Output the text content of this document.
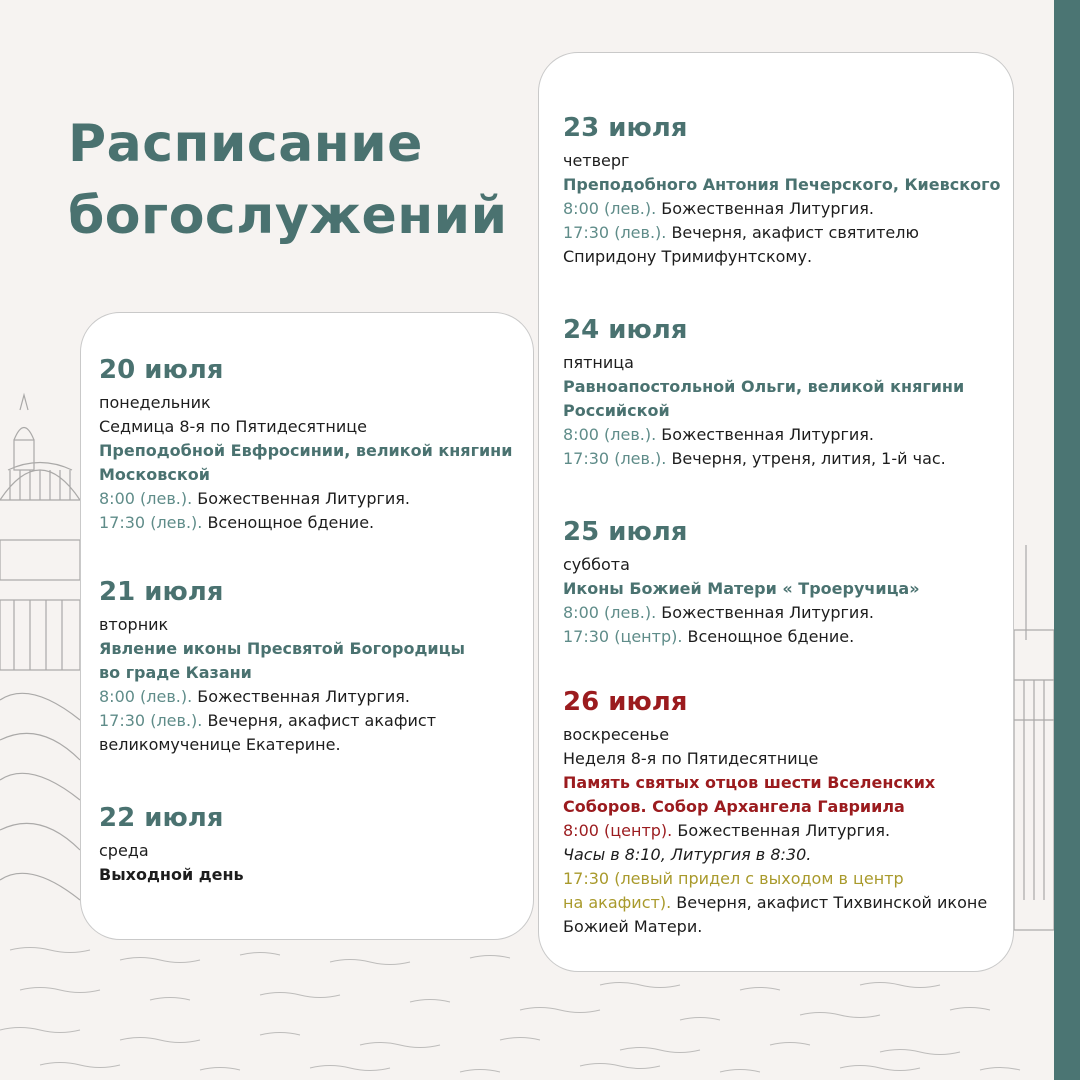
Расписание
богослужений
20 июля
понедельник
Седмица 8-я по Пятидесятнице
Преподобной Евфросинии, великой княгини
Московской
8:00 (лев.). Божественная Литургия.
17:30 (лев.). Всенощное бдение.
21 июля
вторник
Явление иконы Пресвятой Богородицы
во граде Казани
8:00 (лев.). Божественная Литургия.
17:30 (лев.). Вечерня, акафист акафист
великомученице Екатерине.
22 июля
среда
Выходной день
23 июля
четверг
Преподобного Антония Печерского, Киевского
8:00 (лев.). Божественная Литургия.
17:30 (лев.). Вечерня, акафист святителю
Спиридону Тримифунтскому.
24 июля
пятница
Равноапостольной Ольги, великой княгини
Российской
8:00 (лев.). Божественная Литургия.
17:30 (лев.). Вечерня, утреня, лития, 1-й час.
25 июля
суббота
Иконы Божией Матери « Троеручица»
8:00 (лев.). Божественная Литургия.
17:30 (центр). Всенощное бдение.
26 июля
воскресенье
Неделя 8-я по Пятидесятнице
Память святых отцов шести Вселенских
Соборов. Собор Архангела Гавриила
8:00 (центр). Божественная Литургия.
Часы в 8:10, Литургия в 8:30.
17:30 (левый придел с выходом в центр
на акафист). Вечерня, акафист Тихвинской иконе
Божией Матери.
